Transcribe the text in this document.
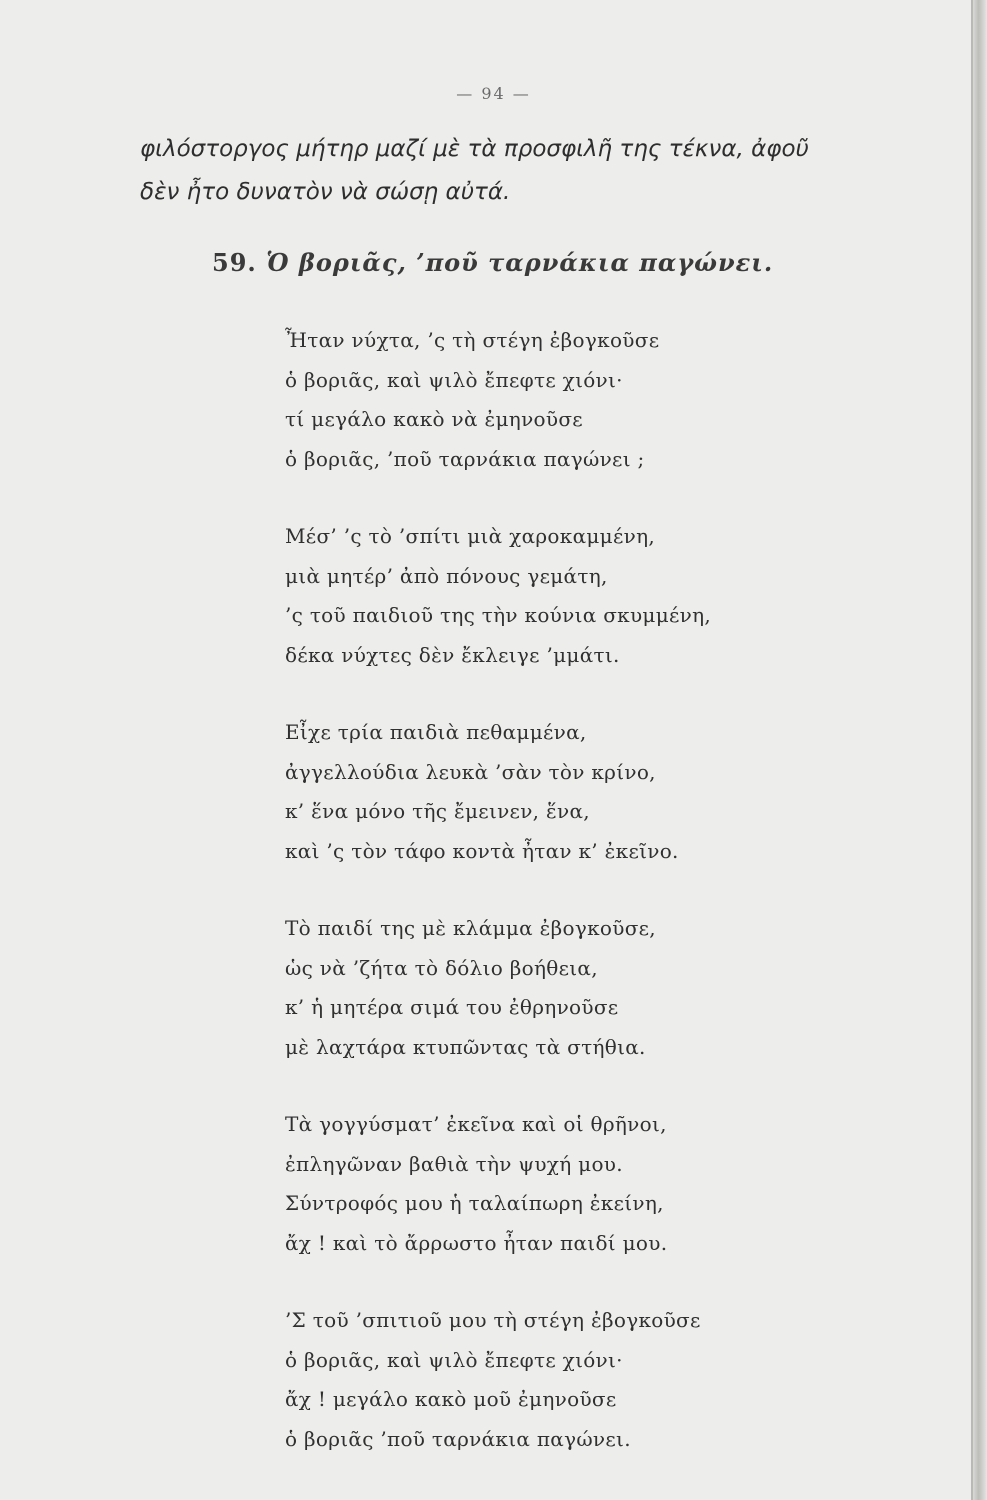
— 94 —
φιλόστοργος μήτηρ μαζί μὲ τὰ προσφιλῆ της τέκνα, ἀφοῦ
δὲν ἦτο δυνατὸν νὰ σώσῃ αὐτά.
59. Ὁ βοριᾶς, ’ποῦ ταρνάκια παγώνει.
Ἦταν νύχτα, ’ς τὴ στέγη ἐβογκοῦσε
ὁ βοριᾶς, καὶ ψιλὸ ἔπεφτε χιόνι·
τί μεγάλο κακὸ νὰ ἐμηνοῦσε
ὁ βοριᾶς, ’ποῦ ταρνάκια παγώνει ;
Μέσ’ ’ς τὸ ’σπίτι μιὰ χαροκαμμένη,
μιὰ μητέρ’ ἀπὸ πόνους γεμάτη,
’ς τοῦ παιδιοῦ της τὴν κούνια σκυμμένη,
δέκα νύχτες δὲν ἔκλειγε ’μμάτι.
Εἶχε τρία παιδιὰ πεθαμμένα,
ἀγγελλούδια λευκὰ ’σὰν τὸν κρίνο,
κ’ ἕνα μόνο τῆς ἔμεινεν, ἕνα,
καὶ ’ς τὸν τάφο κοντὰ ἦταν κ’ ἐκεῖνο.
Τὸ παιδί της μὲ κλάμμα ἐβογκοῦσε,
ὡς νὰ ’ζήτα τὸ δόλιο βοήθεια,
κ’ ἡ μητέρα σιμά του ἐθρηνοῦσε
μὲ λαχτάρα κτυπῶντας τὰ στήθια.
Τὰ γογγύσματ’ ἐκεῖνα καὶ οἱ θρῆνοι,
ἐπληγῶναν βαθιὰ τὴν ψυχή μου.
Σύντροφός μου ἡ ταλαίπωρη ἐκείνη,
ἄχ ! καὶ τὸ ἄρρωστο ἦταν παιδί μου.
’Σ τοῦ ’σπιτιοῦ μου τὴ στέγη ἐβογκοῦσε
ὁ βοριᾶς, καὶ ψιλὸ ἔπεφτε χιόνι·
ἄχ ! μεγάλο κακὸ μοῦ ἐμηνοῦσε
ὁ βοριᾶς ’ποῦ ταρνάκια παγώνει.
